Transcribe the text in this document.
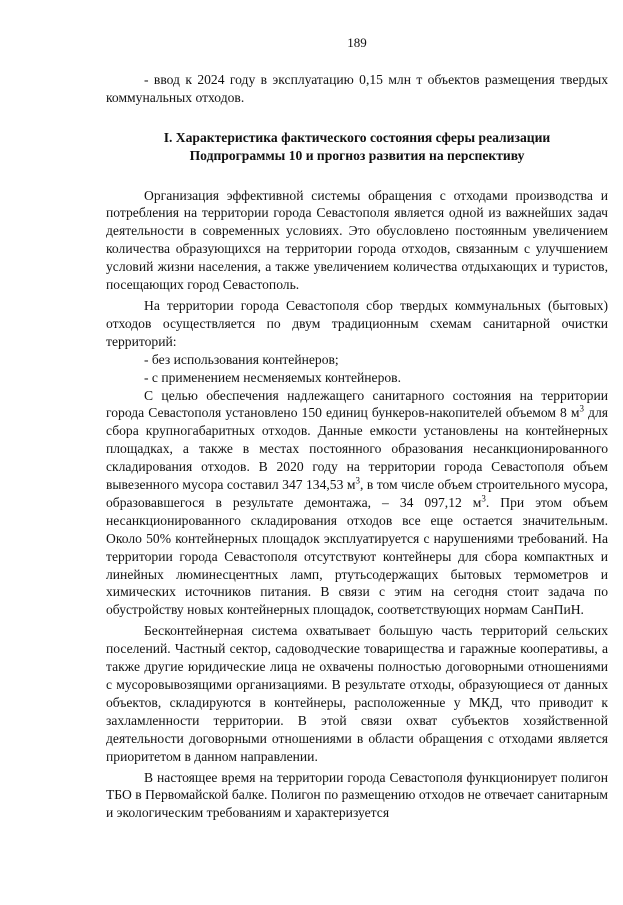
189

- ввод к 2024 году в эксплуатацию 0,15 млн т объектов размещения твердых коммунальных отходов.

I. Характеристика фактического состояния сферы реализации
Подпрограммы 10 и прогноз развития на перспективу

Организация эффективной системы обращения с отходами производства и потребления на территории города Севастополя является одной из важнейших задач деятельности в современных условиях. Это обусловлено постоянным увеличением количества образующихся на территории города отходов, связанным с улучшением условий жизни населения, а также увеличением количества отдыхающих и туристов, посещающих город Севастополь.

На территории города Севастополя сбор твердых коммунальных (бытовых) отходов осуществляется по двум традиционным схемам санитарной очистки территорий:

- без использования контейнеров;

- с применением несменяемых контейнеров.

С целью обеспечения надлежащего санитарного состояния на территории города Севастополя установлено 150 единиц бункеров-накопителей объемом 8 $м^3$ для сбора крупногабаритных отходов. Данные емкости установлены на контейнерных площадках, а также в местах постоянного образования несанкционированного складирования отходов. В 2020 году на территории города Севастополя объем вывезенного мусора составил 347 134,53 $м^3$, в том числе объем строительного мусора, образовавшегося в результате демонтажа, – 34 097,12 $м^3$. При этом объем несанкционированного складирования отходов все еще остается значительным. Около 50% контейнерных площадок эксплуатируется с нарушениями требований. На территории города Севастополя отсутствуют контейнеры для сбора компактных и линейных люминесцентных ламп, ртутьсодержащих бытовых термометров и химических источников питания. В связи с этим на сегодня стоит задача по обустройству новых контейнерных площадок, соответствующих нормам СанПиН.

Бесконтейнерная система охватывает большую часть территорий сельских поселений. Частный сектор, садоводческие товарищества и гаражные кооперативы, а также другие юридические лица не охвачены полностью договорными отношениями с мусоровывозящими организациями. В результате отходы, образующиеся от данных объектов, складируются в контейнеры, расположенные у МКД, что приводит к захламленности территории. В этой связи охват субъектов хозяйственной деятельности договорными отношениями в области обращения с отходами является приоритетом в данном направлении.

В настоящее время на территории города Севастополя функционирует полигон ТБО в Первомайской балке. Полигон по размещению отходов не отвечает санитарным и экологическим требованиям и характеризуется
